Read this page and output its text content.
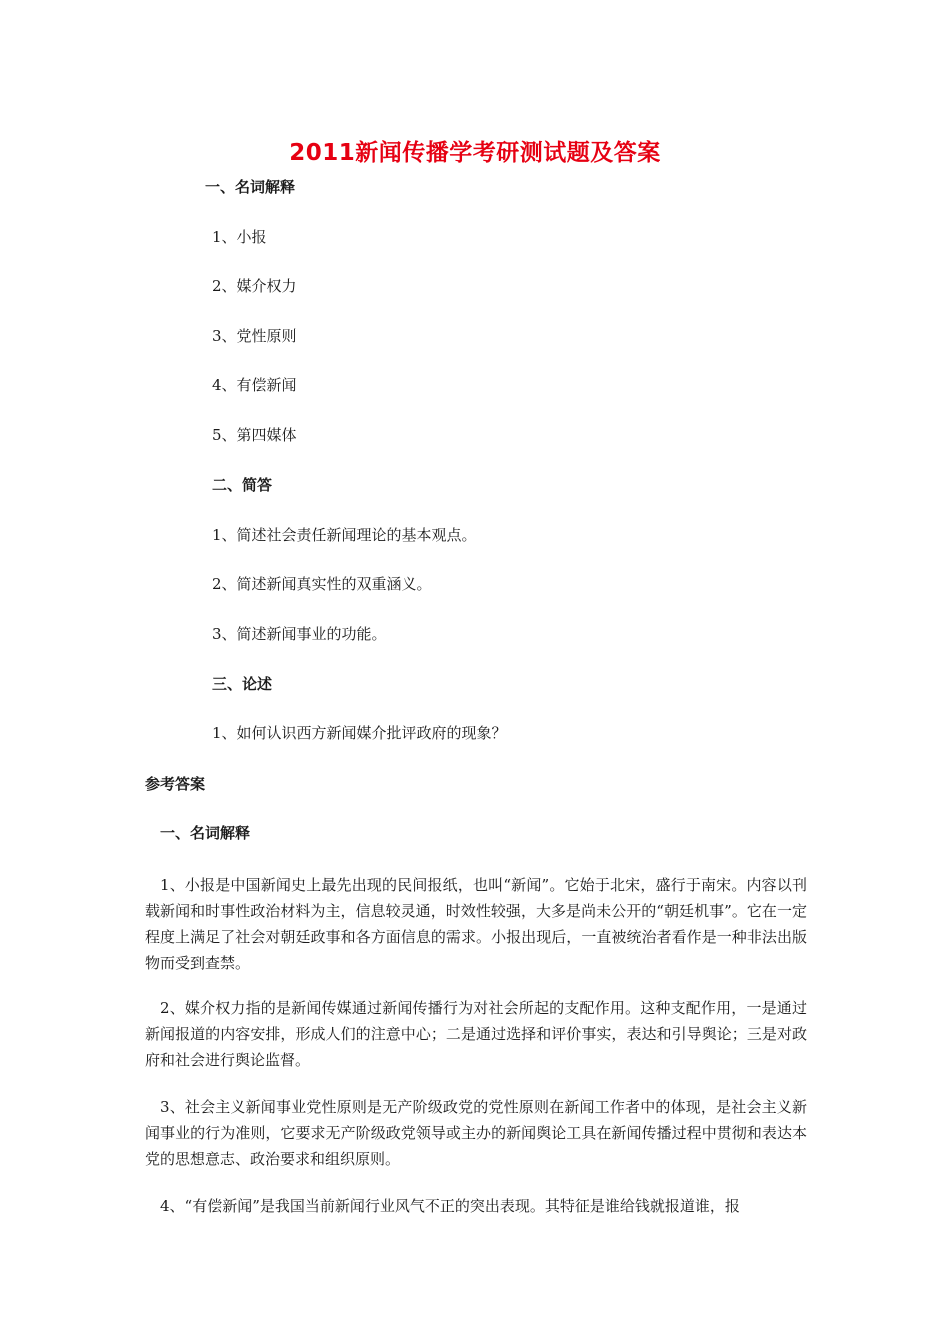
2011新闻传播学考研测试题及答案
一、名词解释
1、小报
2、媒介权力
3、党性原则
4、有偿新闻
5、第四媒体
二、简答
1、简述社会责任新闻理论的基本观点。
2、简述新闻真实性的双重涵义。
3、简述新闻事业的功能。
三、论述
1、如何认识西方新闻媒介批评政府的现象？
参考答案
一、名词解释
1、小报是中国新闻史上最先出现的民间报纸，也叫“新闻”。它始于北宋，盛行于南宋。内容以刊载新闻和时事性政治材料为主，信息较灵通，时效性较强，大多是尚未公开的“朝廷机事”。它在一定程度上满足了社会对朝廷政事和各方面信息的需求。小报出现后，一直被统治者看作是一种非法出版物而受到查禁。
2、媒介权力指的是新闻传媒通过新闻传播行为对社会所起的支配作用。这种支配作用，一是通过新闻报道的内容安排，形成人们的注意中心；二是通过选择和评价事实，表达和引导舆论；三是对政府和社会进行舆论监督。
3、社会主义新闻事业党性原则是无产阶级政党的党性原则在新闻工作者中的体现，是社会主义新闻事业的行为准则，它要求无产阶级政党领导或主办的新闻舆论工具在新闻传播过程中贯彻和表达本党的思想意志、政治要求和组织原则。
4、“有偿新闻”是我国当前新闻行业风气不正的突出表现。其特征是谁给钱就报道谁，报
